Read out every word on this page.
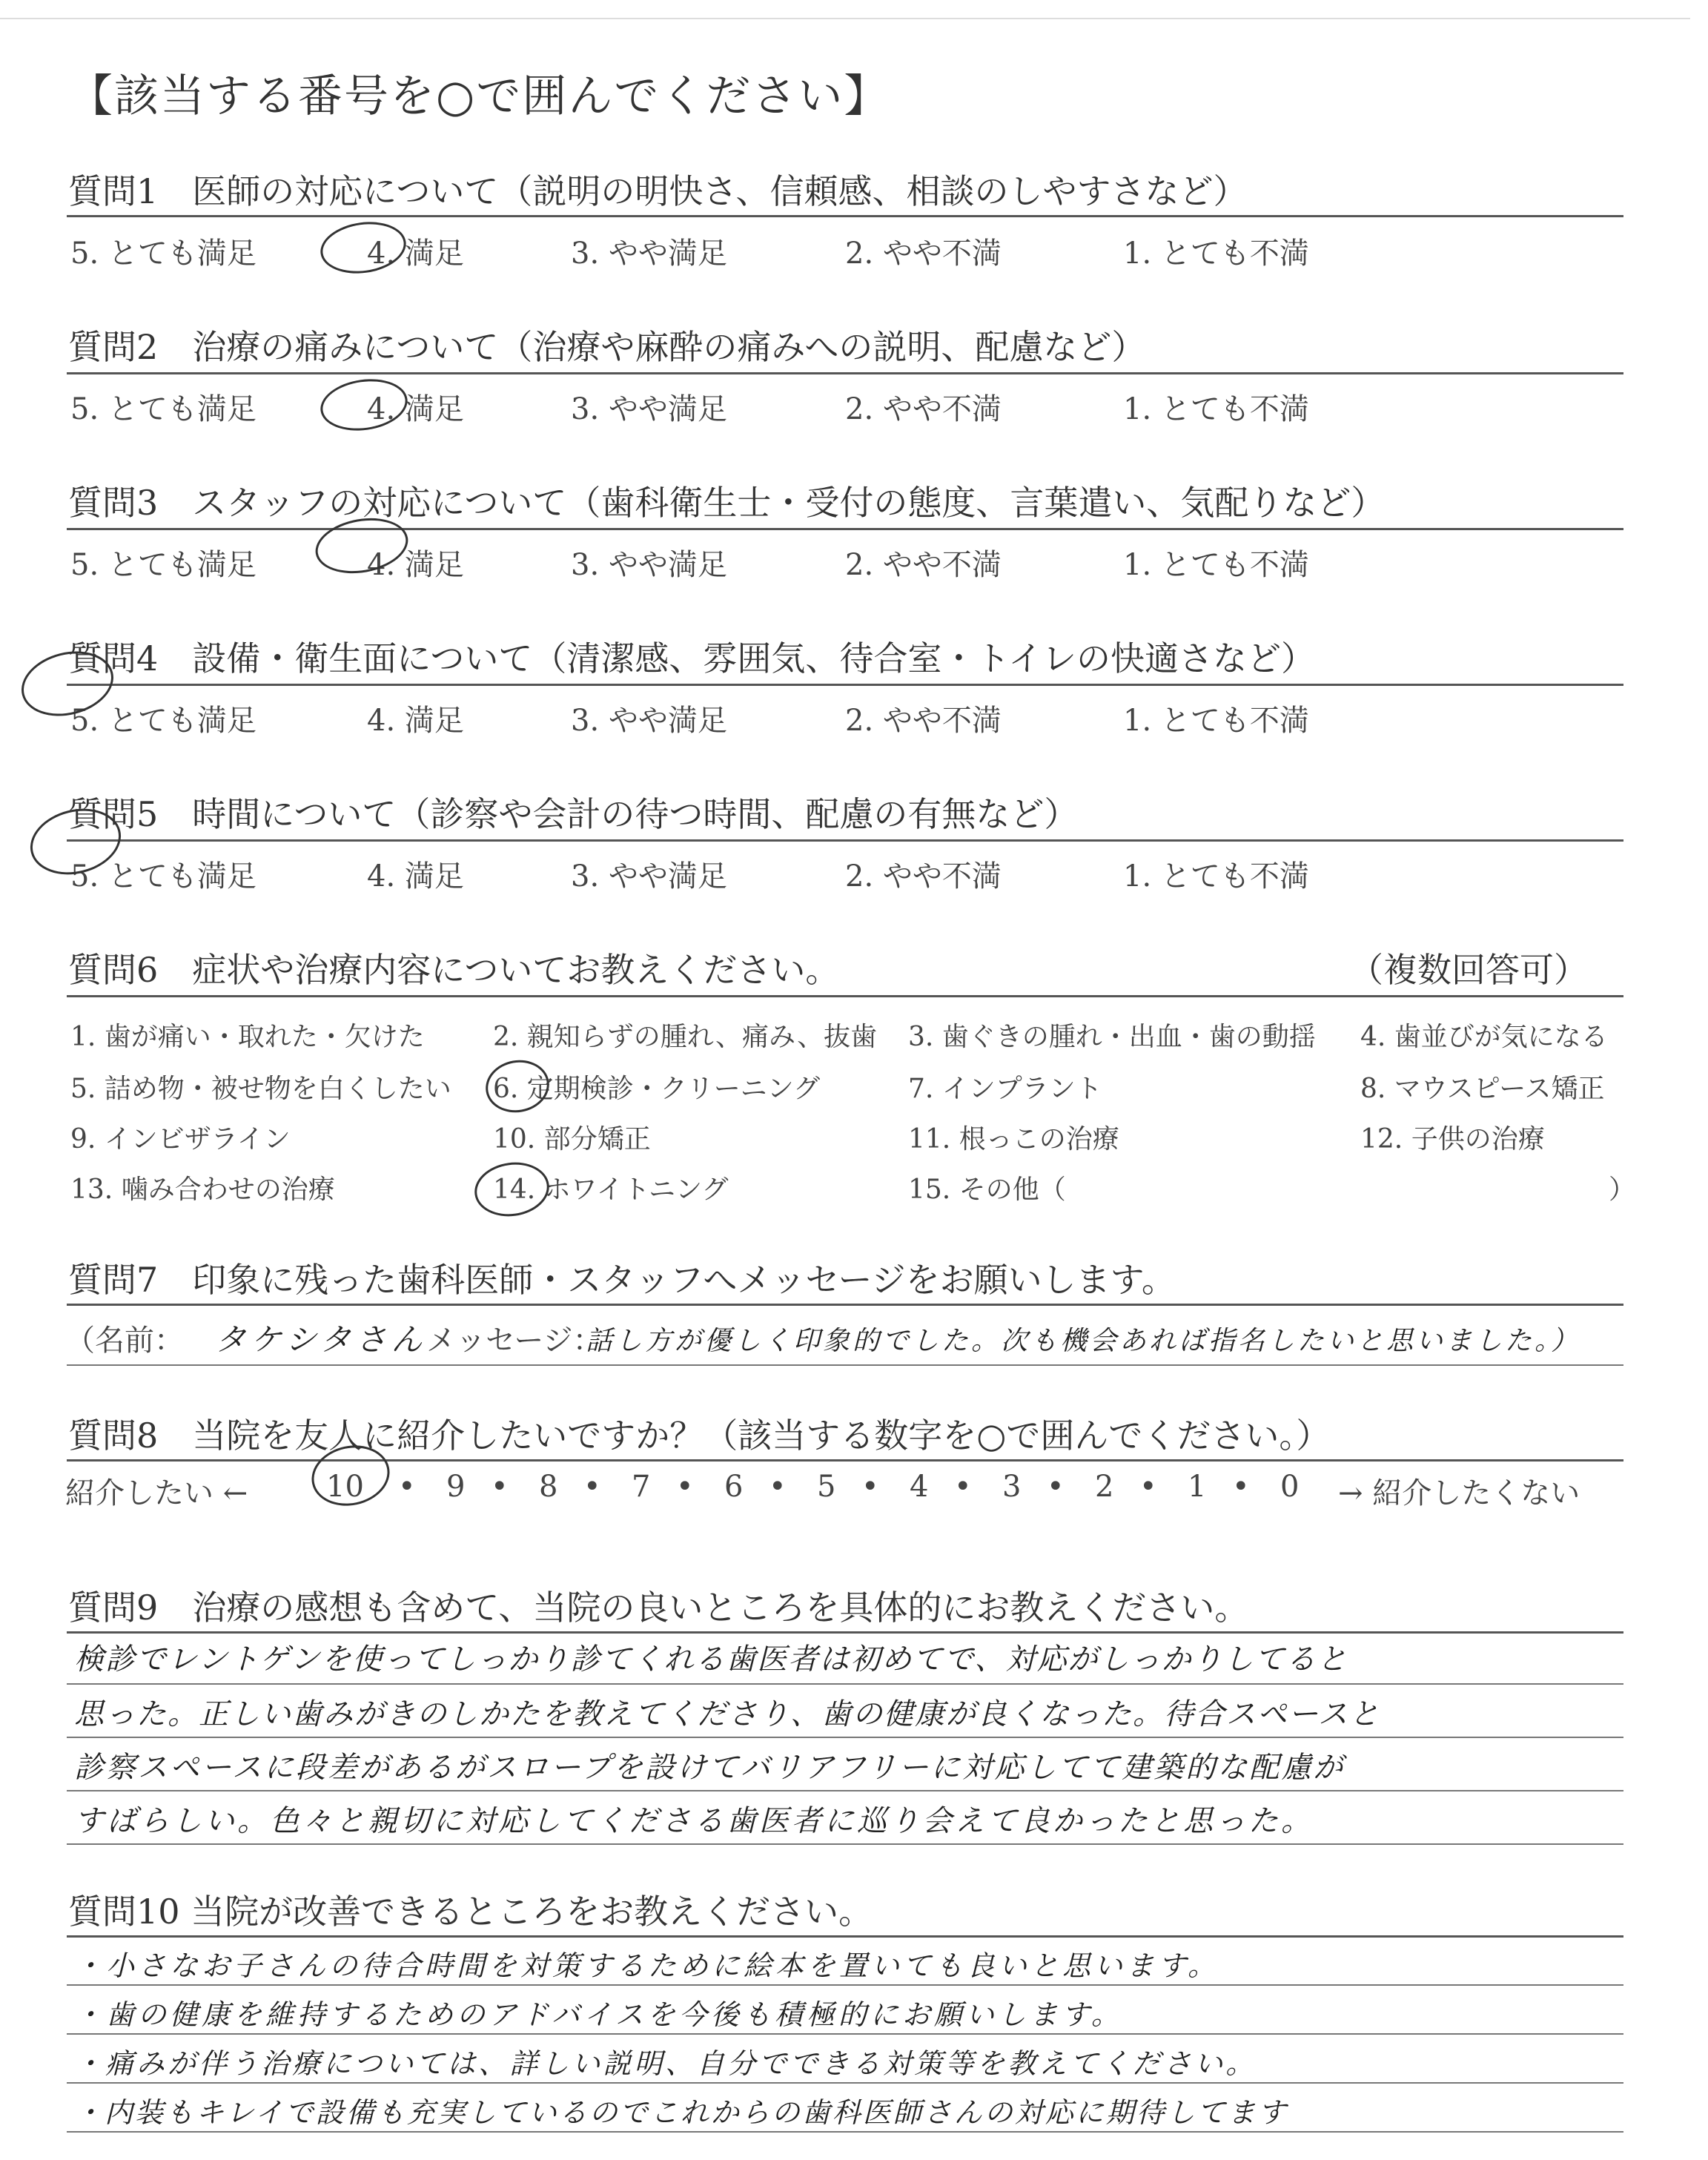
【該当する番号を○で囲んでください】
質問1　医師の対応について（説明の明快さ、信頼感、相談のしやすさなど）
5. とても満足	4. 満足	3. やや満足	2. やや不満	1. とても不満
質問2　治療の痛みについて（治療や麻酔の痛みへの説明、配慮など）
5. とても満足	4. 満足	3. やや満足	2. やや不満	1. とても不満
質問3　スタッフの対応について（歯科衛生士・受付の態度、言葉遣い、気配りなど）
5. とても満足	4. 満足	3. やや満足	2. やや不満	1. とても不満
質問4　設備・衛生面について（清潔感、雰囲気、待合室・トイレの快適さなど）
5. とても満足	4. 満足	3. やや満足	2. やや不満	1. とても不満
質問5　時間について（診察や会計の待つ時間、配慮の有無など）
5. とても満足	4. 満足	3. やや満足	2. やや不満	1. とても不満
質問6　症状や治療内容についてお教えください。	（複数回答可）
1. 歯が痛い・取れた・欠けた	2. 親知らずの腫れ、痛み、抜歯 3. 歯ぐきの腫れ・出血・歯の動揺 4. 歯並びが気になる
5. 詰め物・被せ物を白くしたい 6. 定期検診・クリーニング	7. インプラント	8. マウスピース矯正
9. インビザライン	10. 部分矯正	11. 根っこの治療	12. 子供の治療
13. 噛み合わせの治療	14. ホワイトニング	15. その他（	）
質問7　印象に残った歯科医師・スタッフへメッセージをお願いします。
（名前： タケシタさん メッセージ：
話し方が優しく印象的でした。次も機会あれば指名したいと思いました。）
質問8　当院を友人に紹介したいですか？（該当する数字を○で囲んでください。）
紹介したい ←	10	9 8 7 6 5 4 3 2 1 0
•	•	•	•	•	•	•	•	•	•	→ 紹介したくない
質問9　治療の感想も含めて、当院の良いところを具体的にお教えください。
検診でレントゲンを使ってしっかり診てくれる歯医者は初めてで、対応がしっかりしてると
思った。正しい歯みがきのしかたを教えてくださり、歯の健康が良くなった。待合スペースと
診察スペースに段差があるがスロープを設けてバリアフリーに対応してて建築的な配慮が
すばらしい。色々と親切に対応してくださる歯医者に巡り会えて良かったと思った。
質問10 当院が改善できるところをお教えください。
・小さなお子さんの待合時間を対策するために絵本を置いても良いと思います。
・歯の健康を維持するためのアドバイスを今後も積極的にお願いします。
・痛みが伴う治療については、詳しい説明、自分でできる対策等を教えてください。
・内装もキレイで設備も充実しているのでこれからの歯科医師さんの対応に期待してます
